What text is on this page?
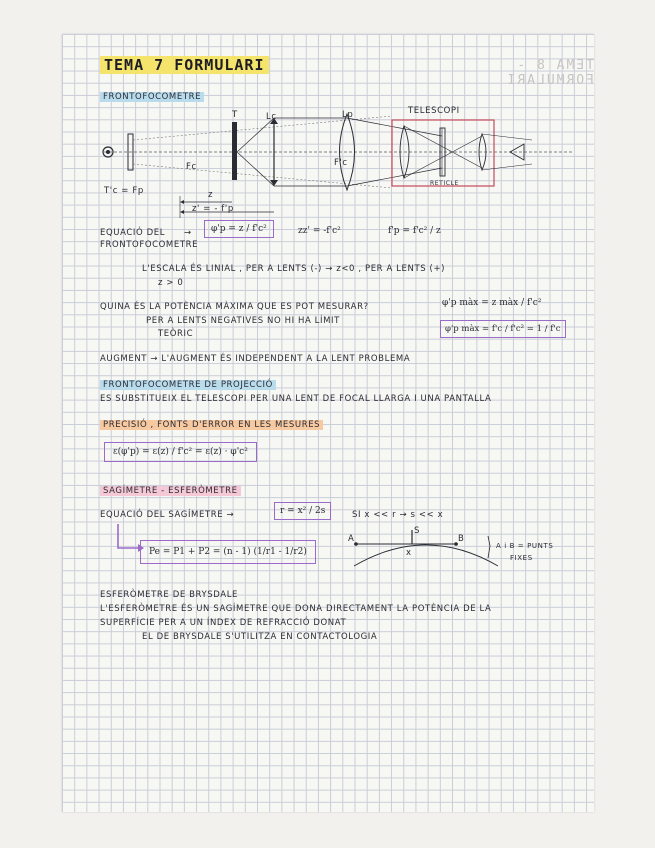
TEMA 7 FORMULARI	TEMA 8 - FORMULARI
FRONTOFOCOMETRE
T	Lc	Lp	TELESCOPI
F'c
Fc
RETICLE
T'c = Fp	z
z' = - f'p
EQUACIÓ DEL
FRONTOFOCOMETRE
→	φ'p = z / f'c²	zz' = -f'c²	f'p = f'c² / z
L'ESCALA ÉS LINIAL , PER A LENTS (-) → z<0 , PER A LENTS (+)
z > 0
QUINA ÉS LA POTÈNCIA MÀXIMA QUE ES POT MESURAR?
PER A LENTS NEGATIVES NO HI HA LÍMIT
TEÒRIC
φ'p màx = z màx / f'c²
φ'p màx = f'c / f'c² = 1 / f'c
AUGMENT → L'AUGMENT ÉS INDEPENDENT A LA LENT PROBLEMA
FRONTOFOCOMETRE DE PROJECCIÓ
ES SUBSTITUEIX EL TELESCOPI PER UNA LENT DE FOCAL LLARGA I UNA PANTALLA
PRECISIÓ , FONTS D'ERROR EN LES MESURES
ε(φ'p) = ε(z) / f'c² = ε(z) · φ'c²
SAGÍMETRE - ESFERÒMETRE
EQUACIÓ DEL SAGÍMETRE →	r = x² / 2s	SI x << r → s << x
Pe = P1 + P2 = (n - 1) (1/r1 - 1/r2)
A	B
S
x
A i B = PUNTS
FIXES
ESFERÒMETRE DE BRYSDALE
L'ESFERÒMETRE ÉS UN SAGÍMETRE QUE DONA DIRECTAMENT LA POTÈNCIA DE LA
SUPERFÍCIE PER A UN ÍNDEX DE REFRACCIÓ DONAT
EL DE BRYSDALE S'UTILITZA EN CONTACTOLOGIA
